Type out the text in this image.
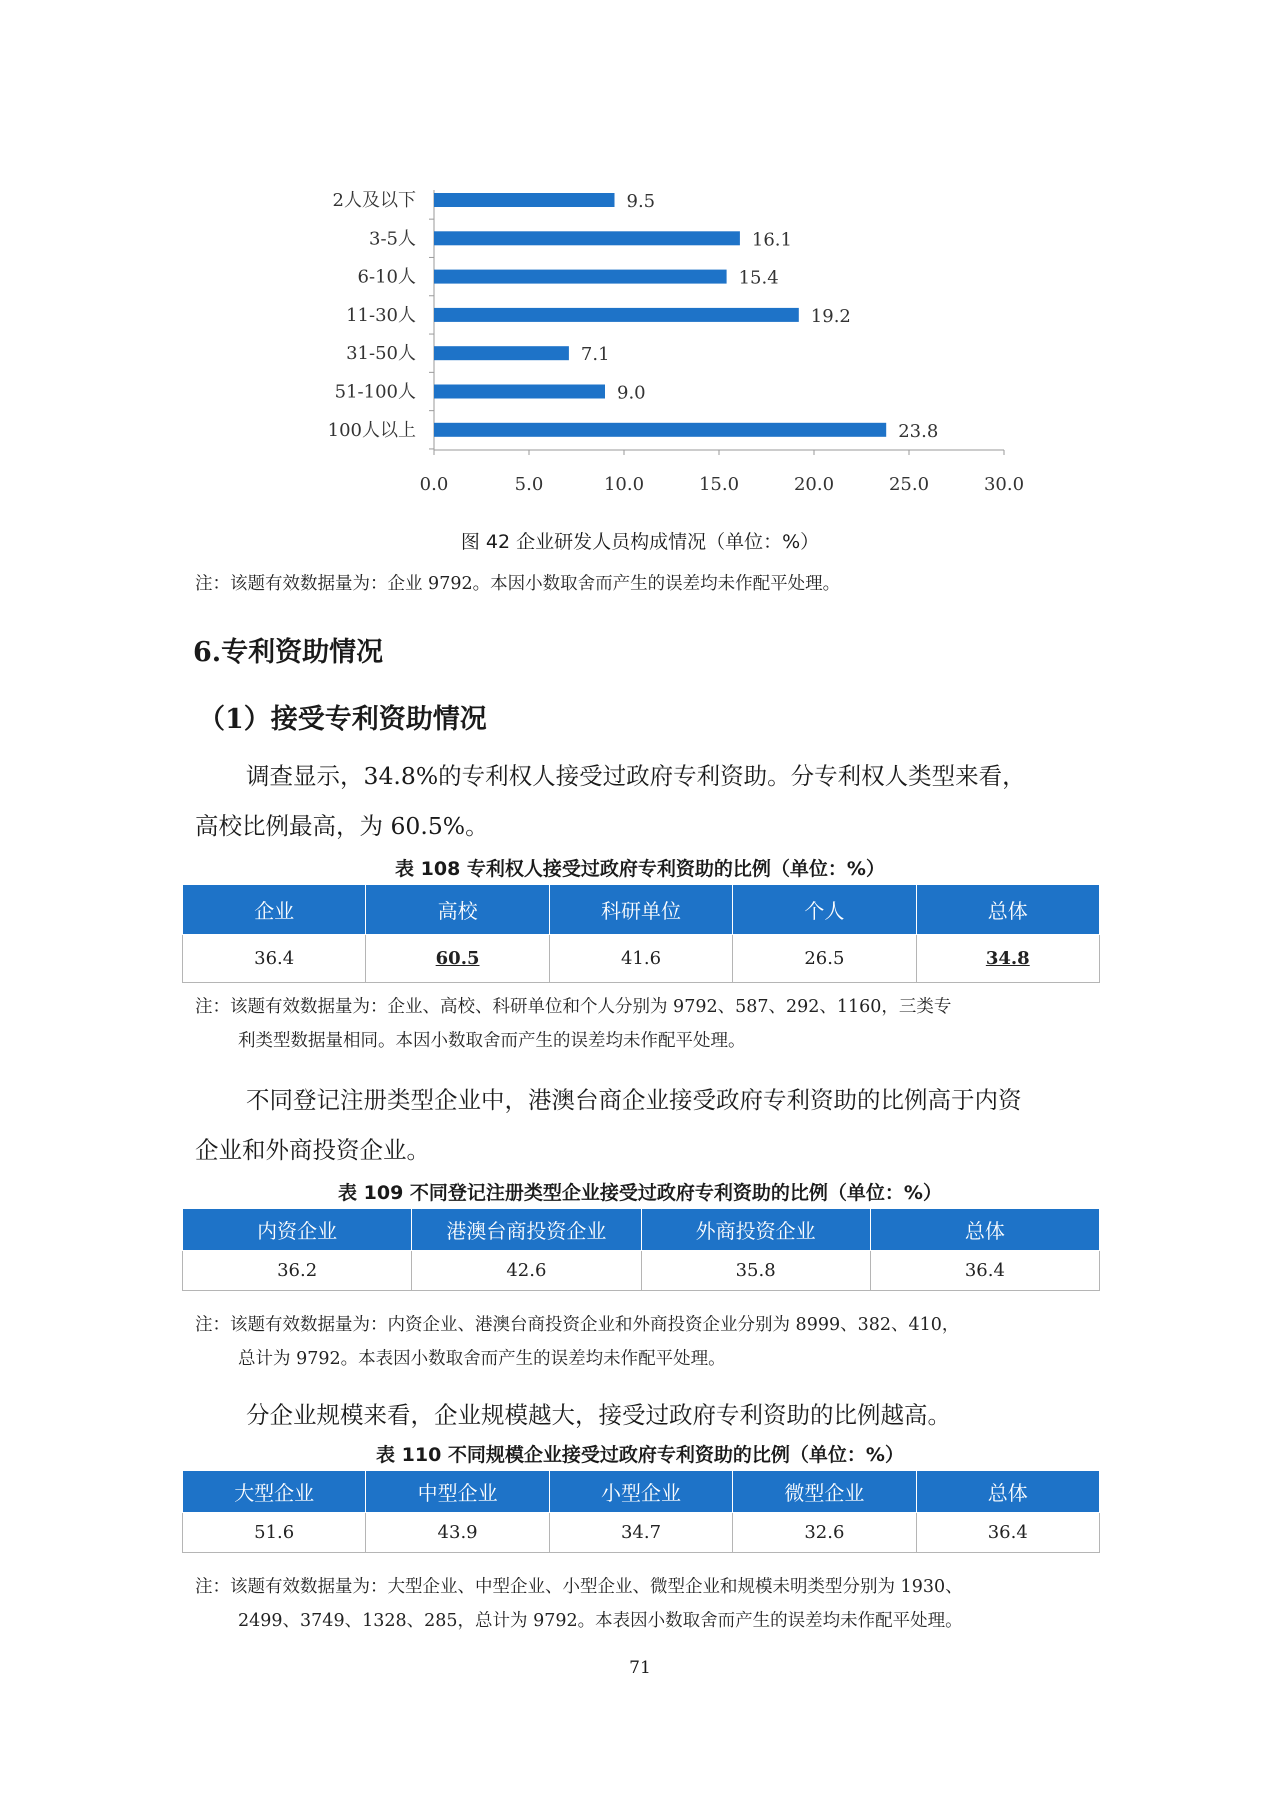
2人及以下	9.5
3-5人	16.1
6-10人	15.4
11-30人	19.2
31-50人	7.1
51-100人	9.0
100人以上	23.8
0.0	5.0	10.0	15.0	20.0	25.0	30.0
图 42 企业研发人员构成情况（单位：%）
注：该题有效数据量为：企业 9792。本因小数取舍而产生的误差均未作配平处理。
6.专利资助情况
（1）接受专利资助情况
调查显示，34.8%的专利权人接受过政府专利资助。分专利权人类型来看，
高校比例最高，为 60.5%。
表 108 专利权人接受过政府专利资助的比例（单位：%）
企业	高校	科研单位	个人	总体
36.4	60.5	41.6	26.5	34.8
注：该题有效数据量为：企业、高校、科研单位和个人分别为 9792、587、292、1160，三类专
利类型数据量相同。本因小数取舍而产生的误差均未作配平处理。
不同登记注册类型企业中，港澳台商企业接受政府专利资助的比例高于内资
企业和外商投资企业。
表 109 不同登记注册类型企业接受过政府专利资助的比例（单位：%）
内资企业	港澳台商投资企业	外商投资企业	总体
36.2	42.6	35.8	36.4
注：该题有效数据量为：内资企业、港澳台商投资企业和外商投资企业分别为 8999、382、410，
总计为 9792。本表因小数取舍而产生的误差均未作配平处理。
分企业规模来看，企业规模越大，接受过政府专利资助的比例越高。
表 110 不同规模企业接受过政府专利资助的比例（单位：%）
大型企业	中型企业	小型企业	微型企业	总体
51.6	43.9	34.7	32.6	36.4
注：该题有效数据量为：大型企业、中型企业、小型企业、微型企业和规模未明类型分别为 1930、
2499、3749、1328、285，总计为 9792。本表因小数取舍而产生的误差均未作配平处理。
71
